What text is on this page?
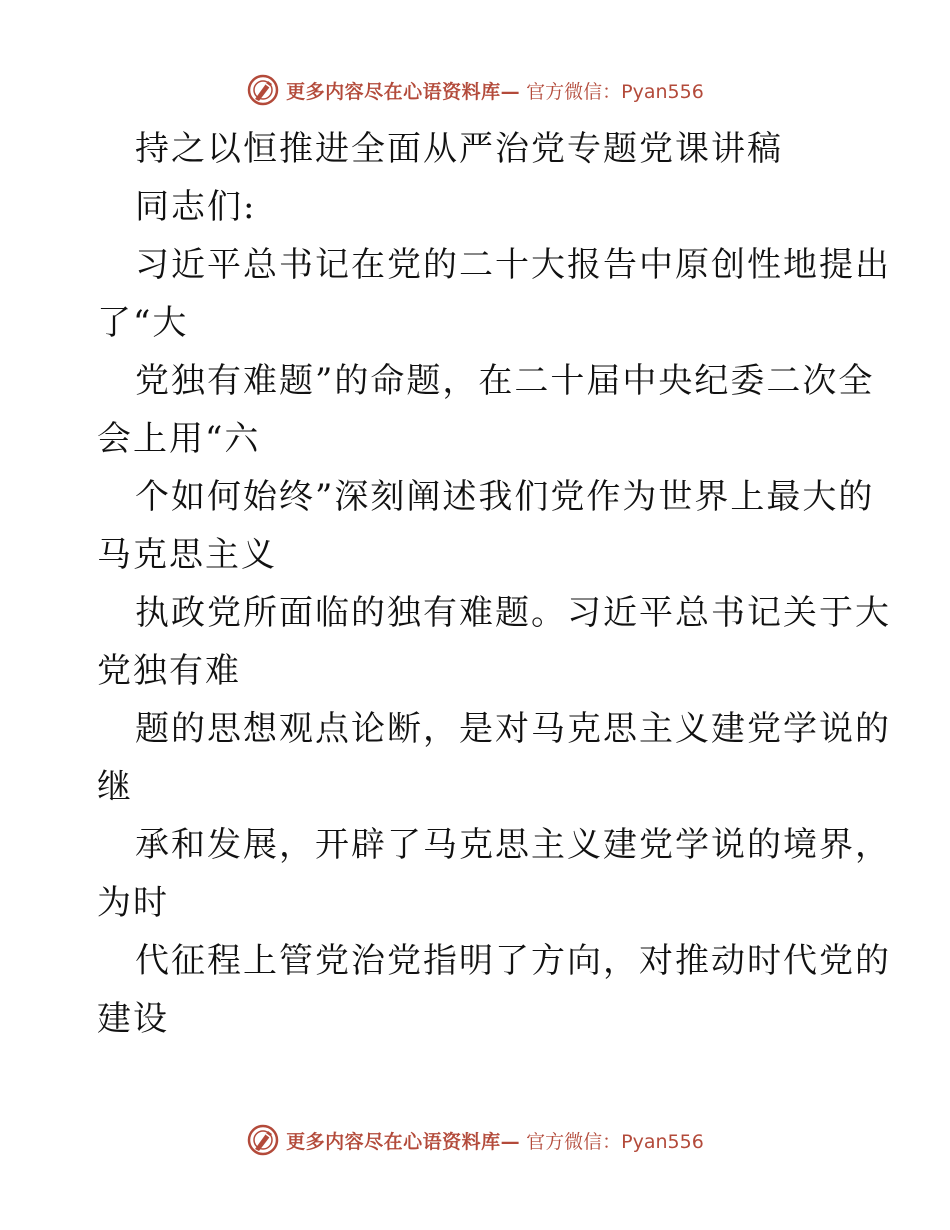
更多内容尽在心语资料库— 官方微信：Pyan556
持之以恒推进全面从严治党专题党课讲稿
同志们:
习近平总书记在党的二十大报告中原创性地提出
了“大
党独有难题”的命题，在二十届中央纪委二次全
会上用“六
个如何始终”深刻阐述我们党作为世界上最大的
马克思主义
执政党所面临的独有难题。习近平总书记关于大
党独有难
题的思想观点论断，是对马克思主义建党学说的
继
承和发展，开辟了马克思主义建党学说的境界，
为时
代征程上管党治党指明了方向，对推动时代党的
建设
更多内容尽在心语资料库— 官方微信：Pyan556
